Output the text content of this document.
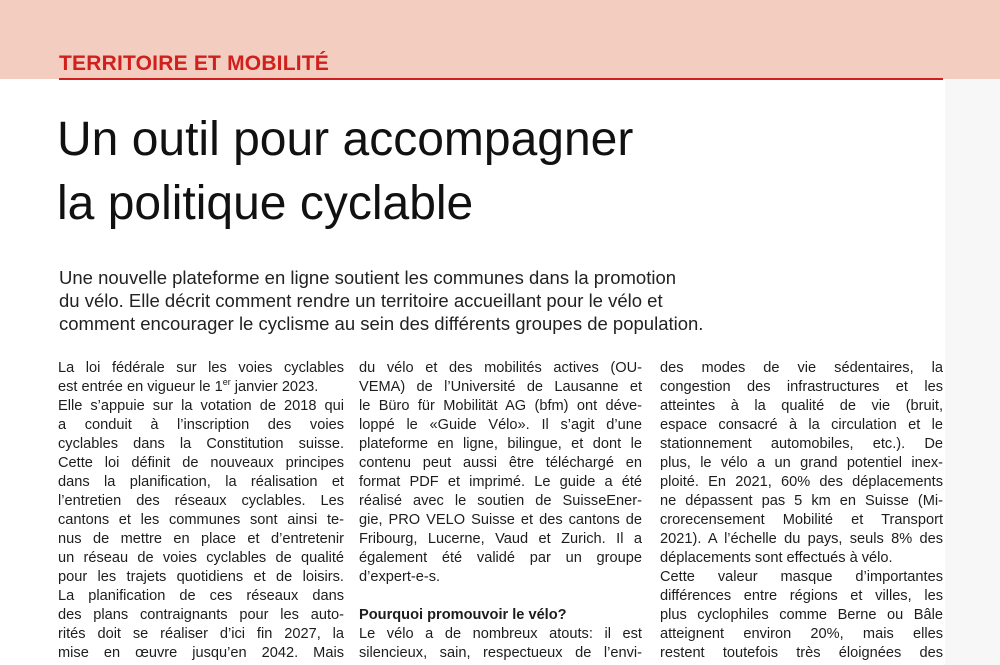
TERRITOIRE ET MOBILITÉ
Un outil pour accompagner
la politique cyclable

Une nouvelle plateforme en ligne soutient les communes dans la promotion
du vélo. Elle décrit comment rendre un territoire accueillant pour le vélo et
comment encourager le cyclisme au sein des différents groupes de population.

La loi fédérale sur les voies cyclables
est entrée en vigueur le 1er janvier 2023.
Elle s’appuie sur la votation de 2018 qui
a conduit à l’inscription des voies
cyclables dans la Constitution suisse.
Cette loi définit de nouveaux principes
dans la planification, la réalisation et
l’entretien des réseaux cyclables. Les
cantons et les communes sont ainsi te-
nus de mettre en place et d’entretenir
un réseau de voies cyclables de qualité
pour les trajets quotidiens et de loisirs.
La planification de ces réseaux dans
des plans contraignants pour les auto-
rités doit se réaliser d’ici fin 2027, la
mise en œuvre jusqu’en 2042. Mais
du vélo et des mobilités actives (OU-
VEMA) de l’Université de Lausanne et
le Büro für Mobilität AG (bfm) ont déve-
loppé le «Guide Vélo». Il s’agit d’une
plateforme en ligne, bilingue, et dont le
contenu peut aussi être téléchargé en
format PDF et imprimé. Le guide a été
réalisé avec le soutien de SuisseEner-
gie, PRO VELO Suisse et des cantons de
Fribourg, Lucerne, Vaud et Zurich. Il a
également été validé par un groupe
d’expert-e-s.
Pourquoi promouvoir le vélo?
Le vélo a de nombreux atouts: il est
silencieux, sain, respectueux de l’envi-
des modes de vie sédentaires, la
congestion des infrastructures et les
atteintes à la qualité de vie (bruit,
espace consacré à la circulation et le
stationnement automobiles, etc.). De
plus, le vélo a un grand potentiel inex-
ploité. En 2021, 60% des déplacements
ne dépassent pas 5 km en Suisse (Mi-
crorecensement Mobilité et Transport
2021). A l’échelle du pays, seuls 8% des
déplacements sont effectués à vélo.
Cette valeur masque d’importantes
différences entre régions et villes, les
plus cyclophiles comme Berne ou Bâle
atteignent environ 20%, mais elles
restent toutefois très éloignées des
